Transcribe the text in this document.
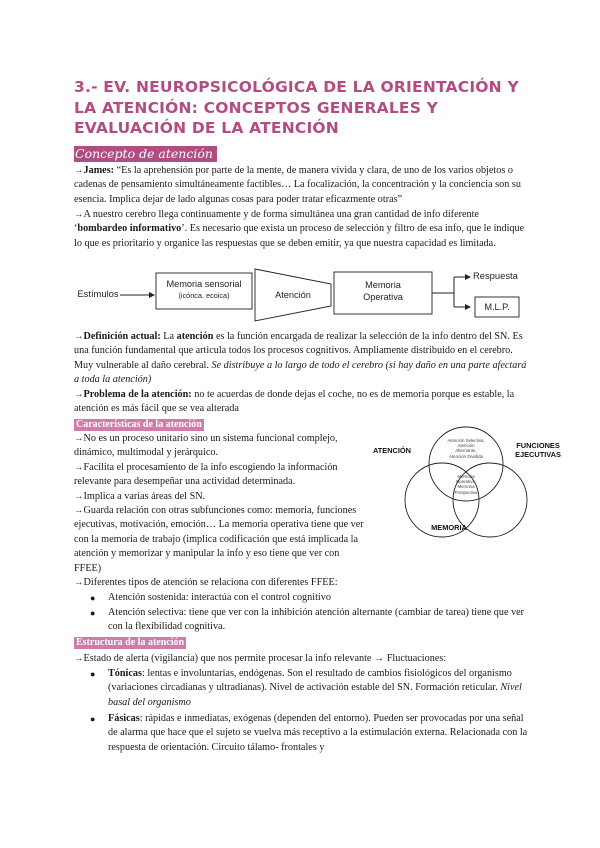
3.- EV. NEUROPSICOLÓGICA DE LA ORIENTACIÓN Y LA ATENCIÓN: CONCEPTOS GENERALES Y EVALUACIÓN DE LA ATENCIÓN
Concepto de atención
→James: “Es la aprehensión por parte de la mente, de manera vívida y clara, de uno de los varios objetos o cadenas de pensamiento simultáneamente factibles… La focalización, la concentración y la conciencia son su esencia. Implica dejar de lado algunas cosas para poder tratar eficazmente otras”
→A nuestro cerebro llega continuamente y de forma simultánea una gran cantidad de info diferente ‘bombardeo informativo’. Es necesario que exista un proceso de selección y filtro de esa info, que le indique lo que es prioritario y organice las respuestas que se deben emitir, ya que nuestra capacidad es limitada.
Estímulos
Memoria sensorial
(icónca. ecoica)	Atención
Memoria
Operativa
Respuesta
M.L.P.
→Definición actual: La atención es la función encargada de realizar la selección de la info dentro del SN. Es una función fundamental que articula todos los procesos cognitivos. Ampliamente distribuido en el cerebro. Muy vulnerable al daño cerebral. Se distribuye a lo largo de todo el cerebro (si hay daño en una parte afectará a toda la atención)
→Problema de la atención: no te acuerdas de donde dejas el coche, no es de memoria porque es estable, la atención es más fácil que se vea alterada
Características de la atención
→No es un proceso unitario sino un sistema funcional complejo, dinámico, multimodal y jerárquico.
→Facilita el procesamiento de la info escogiendo la información relevante para desempeñar una actividad determinada.
→Implica a varias áreas del SN.
→Guarda relación con otras subfunciones como: memoria, funciones ejecutivas, motivación, emoción… La memoria operativa tiene que ver con la memoria de trabajo (implica codificación que está implicada la atención y memorizar y manipular la info y eso tiene que ver con FFEE)
→Diferentes tipos de atención se relaciona con diferentes FFEE:
● Atención sostenida: interactúa con el control cognitivo
● Atención selectiva: tiene que ver con la inhibición atención alternante (cambiar de tarea) tiene que ver con la flexibilidad cognitiva.
ATENCIÓN
FUNCIONES
EJECUTIVAS
MEMORIA
Atención Selectiva, Atención Alternante, Atención Dividida
Memoria Operativa, Memoria Prospectiva
Estructura de la atención
→Estado de alerta (vigilancia) que nos permite procesar la info relevante → Fluctuaciones:
● Tónicas: lentas e involuntarias, endógenas. Son el resultado de cambios fisiológicos del organismo (variaciones circadianas y ultradianas). Nivel de activación estable del SN. Formación reticular. Nivel basal del organismo
● Fásicas: rápidas e inmediatas, exógenas (dependen del entorno). Pueden ser provocadas por una señal de alarma que hace que el sujeto se vuelva más receptivo a la estimulación externa. Relacionada con la respuesta de orientación. Circuito tálamo- frontales y
